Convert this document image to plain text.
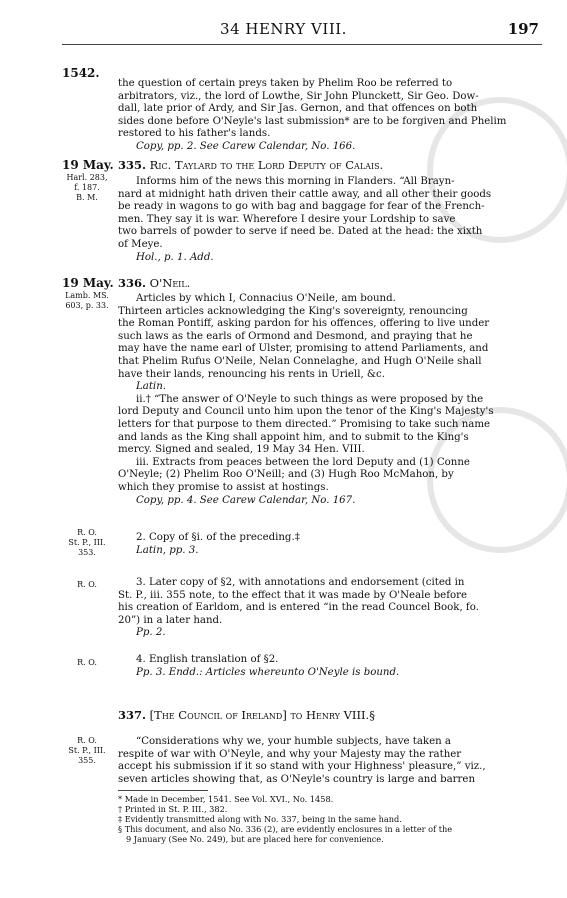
34 HENRY VIII.	197
1542.
the question of certain preys taken by Phelim Roo be referred to
arbitrators, viz., the lord of Lowthe, Sir John Plunckett, Sir Geo. Dow-
dall, late prior of Ardy, and Sir Jas. Gernon, and that offences on both
sides done before O'Neyle's last submission* are to be forgiven and Phelim
restored to his father's lands.
Copy, pp. 2. See Carew Calendar, No. 166.
19 May.
Harl. 283,
f. 187.
B. M.
335. Ric. Taylard to the Lord Deputy of Calais.
Informs him of the news this morning in Flanders. “All Brayn-
nard at midnight hath driven their cattle away, and all other their goods
be ready in wagons to go with bag and baggage for fear of the French-
men. They say it is war. Wherefore I desire your Lordship to save
two barrels of powder to serve if need be. Dated at the head: the xixth
of Meye.
Hol., p. 1. Add.
19 May.
Lamb. MS.
603, p. 33.
336. O'Neil.
Articles by which I, Connacius O'Neile, am bound.
Thirteen articles acknowledging the King's sovereignty, renouncing
the Roman Pontiff, asking pardon for his offences, offering to live under
such laws as the earls of Ormond and Desmond, and praying that he
may have the name earl of Ulster, promising to attend Parliaments, and
that Phelim Rufus O'Neile, Nelan Connelaghe, and Hugh O'Neile shall
have their lands, renouncing his rents in Uriell, &c.
Latin.
ii.† “The answer of O'Neyle to such things as were proposed by the
lord Deputy and Council unto him upon the tenor of the King's Majesty's
letters for that purpose to them directed.” Promising to take such name
and lands as the King shall appoint him, and to submit to the King's
mercy. Signed and sealed, 19 May 34 Hen. VIII.
iii. Extracts from peaces between the lord Deputy and (1) Conne
O'Neyle; (2) Phelim Roo O'Neill; and (3) Hugh Roo McMahon, by
which they promise to assist at hostings.
Copy, pp. 4. See Carew Calendar, No. 167.
R. O.
St. P., III.
353.
2. Copy of §i. of the preceding.‡
Latin, pp. 3.
R. O.	3. Later copy of §2, with annotations and endorsement (cited in
St. P., iii. 355 note, to the effect that it was made by O'Neale before
his creation of Earldom, and is entered “in the read Councel Book, fo.
20”) in a later hand.
Pp. 2.
R. O.	4. English translation of §2.
Pp. 3. Endd.: Articles whereunto O'Neyle is bound.
337. [The Council of Ireland] to Henry VIII.§
R. O.
St. P., III.
355.
“Considerations why we, your humble subjects, have taken a
respite of war with O'Neyle, and why your Majesty may the rather
accept his submission if it so stand with your Highness' pleasure,” viz.,
seven articles showing that, as O'Neyle's country is large and barren
* Made in December, 1541. See Vol. XVI., No. 1458.
† Printed in St. P. III., 382.
‡ Evidently transmitted along with No. 337, being in the same hand.
§ This document, and also No. 336 (2), are evidently enclosures in a letter of the
9 January (See No. 249), but are placed here for convenience.
